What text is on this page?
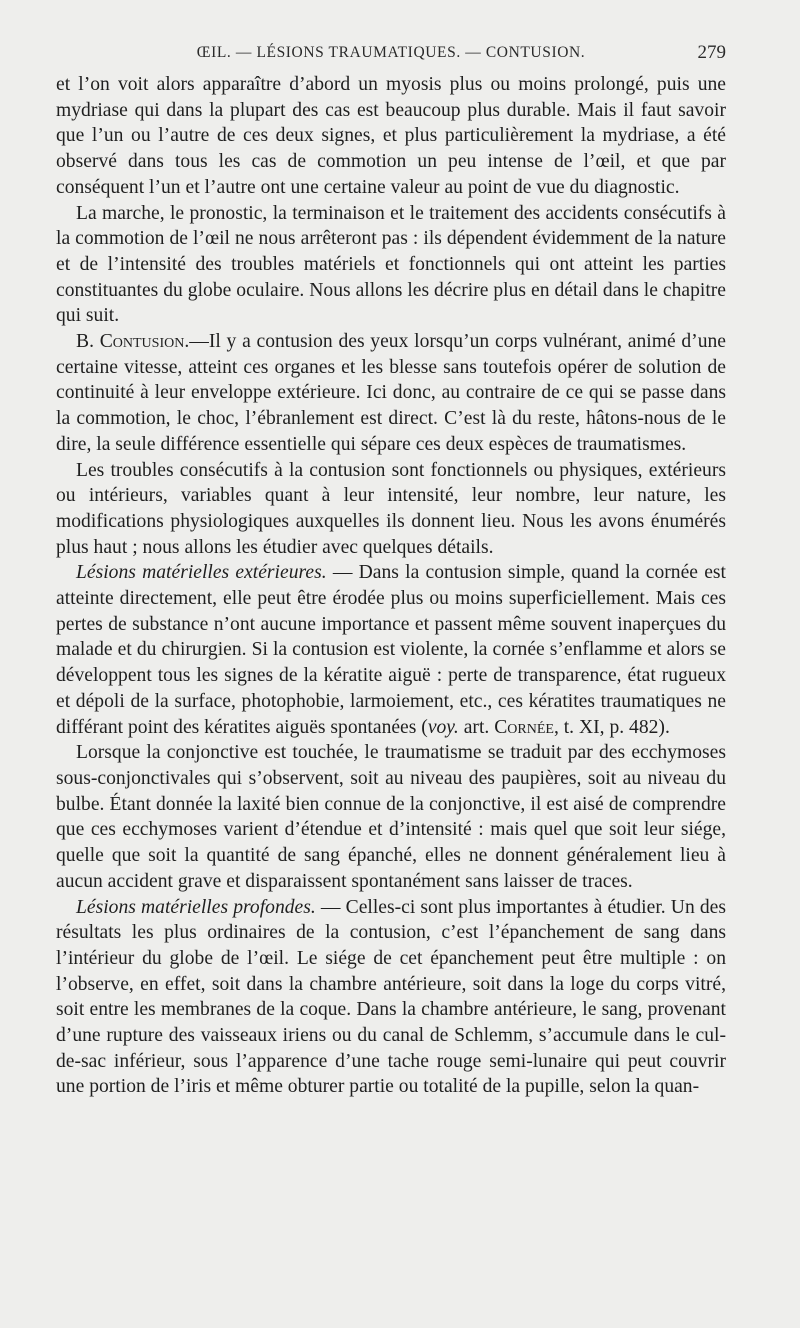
ŒIL. — LÉSIONS TRAUMATIQUES. — CONTUSION.	279

et l’on voit alors apparaître d’abord un myosis plus ou moins prolongé, puis une mydriase qui dans la plupart des cas est beaucoup plus durable. Mais il faut savoir que l’un ou l’autre de ces deux signes, et plus particulièrement la mydriase, a été observé dans tous les cas de commotion un peu intense de l’œil, et que par conséquent l’un et l’autre ont une certaine valeur au point de vue du diagnostic.

La marche, le pronostic, la terminaison et le traitement des accidents consécutifs à la commotion de l’œil ne nous arrêteront pas : ils dépendent évidemment de la nature et de l’intensité des troubles matériels et fonctionnels qui ont atteint les parties constituantes du globe oculaire. Nous allons les décrire plus en détail dans le chapitre qui suit.

B. Contusion.—Il y a contusion des yeux lorsqu’un corps vulnérant, animé d’une certaine vitesse, atteint ces organes et les blesse sans toutefois opérer de solution de continuité à leur enveloppe extérieure. Ici donc, au contraire de ce qui se passe dans la commotion, le choc, l’ébranlement est direct. C’est là du reste, hâtons-nous de le dire, la seule différence essentielle qui sépare ces deux espèces de traumatismes.

Les troubles consécutifs à la contusion sont fonctionnels ou physiques, extérieurs ou intérieurs, variables quant à leur intensité, leur nombre, leur nature, les modifications physiologiques auxquelles ils donnent lieu. Nous les avons énumérés plus haut ; nous allons les étudier avec quelques détails.

Lésions matérielles extérieures. — Dans la contusion simple, quand la cornée est atteinte directement, elle peut être érodée plus ou moins superficiellement. Mais ces pertes de substance n’ont aucune importance et passent même souvent inaperçues du malade et du chirurgien. Si la contusion est violente, la cornée s’enflamme et alors se développent tous les signes de la kératite aiguë : perte de transparence, état rugueux et dépoli de la surface, photophobie, larmoiement, etc., ces kératites traumatiques ne différant point des kératites aiguës spontanées (voy. art. Cornée, t. XI, p. 482).

Lorsque la conjonctive est touchée, le traumatisme se traduit par des ecchymoses sous-conjonctivales qui s’observent, soit au niveau des paupières, soit au niveau du bulbe. Étant donnée la laxité bien connue de la conjonctive, il est aisé de comprendre que ces ecchymoses varient d’étendue et d’intensité : mais quel que soit leur siége, quelle que soit la quantité de sang épanché, elles ne donnent généralement lieu à aucun accident grave et disparaissent spontanément sans laisser de traces.

Lésions matérielles profondes. — Celles-ci sont plus importantes à étudier. Un des résultats les plus ordinaires de la contusion, c’est l’épanchement de sang dans l’intérieur du globe de l’œil. Le siége de cet épanchement peut être multiple : on l’observe, en effet, soit dans la chambre antérieure, soit dans la loge du corps vitré, soit entre les membranes de la coque. Dans la chambre antérieure, le sang, provenant d’une rupture des vaisseaux iriens ou du canal de Schlemm, s’accumule dans le cul-de-sac inférieur, sous l’apparence d’une tache rouge semi-lunaire qui peut couvrir une portion de l’iris et même obturer partie ou totalité de la pupille, selon la quan-
